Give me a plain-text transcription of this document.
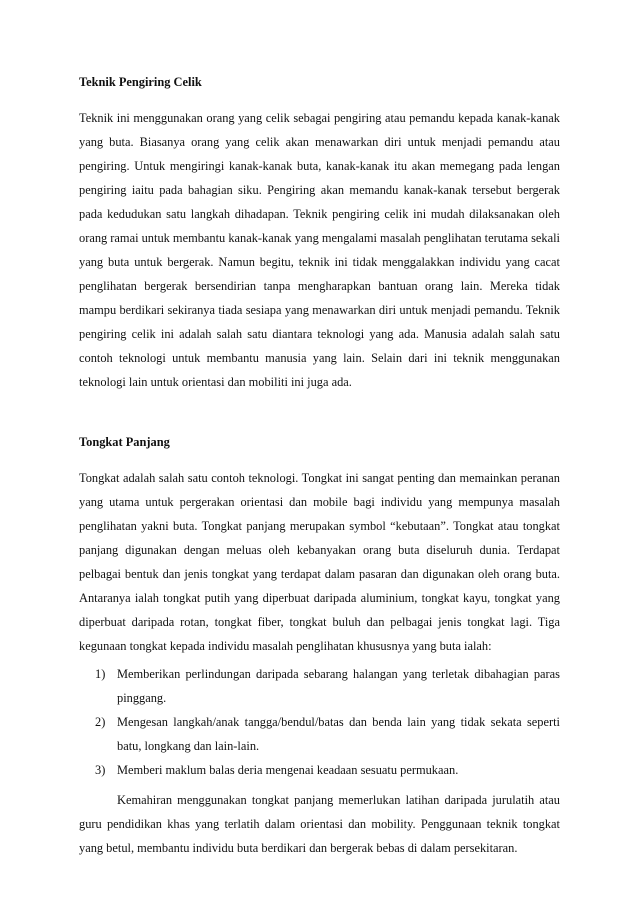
Teknik Pengiring Celik

Teknik ini menggunakan orang yang celik sebagai pengiring atau pemandu kepada kanak-kanak yang buta. Biasanya orang yang celik akan menawarkan diri untuk menjadi pemandu atau pengiring. Untuk mengiringi kanak-kanak buta, kanak-kanak itu akan memegang pada lengan pengiring iaitu pada bahagian siku. Pengiring akan memandu kanak-kanak tersebut bergerak pada kedudukan satu langkah dihadapan. Teknik pengiring celik ini mudah dilaksanakan oleh orang ramai untuk membantu kanak-kanak yang mengalami masalah penglihatan terutama sekali yang buta untuk bergerak. Namun begitu, teknik ini tidak menggalakkan individu yang cacat penglihatan bergerak bersendirian tanpa mengharapkan bantuan orang lain. Mereka tidak mampu berdikari sekiranya tiada sesiapa yang menawarkan diri untuk menjadi pemandu. Teknik pengiring celik ini adalah salah satu diantara teknologi yang ada. Manusia adalah salah satu contoh teknologi untuk membantu manusia yang lain. Selain dari ini teknik menggunakan teknologi lain untuk orientasi dan mobiliti ini juga ada.

Tongkat Panjang

Tongkat adalah salah satu contoh teknologi. Tongkat ini sangat penting dan memainkan peranan yang utama untuk pergerakan orientasi dan mobile bagi individu yang mempunya masalah penglihatan yakni buta. Tongkat panjang merupakan symbol “kebutaan”. Tongkat atau tongkat panjang digunakan dengan meluas oleh kebanyakan orang buta diseluruh dunia. Terdapat pelbagai bentuk dan jenis tongkat yang terdapat dalam pasaran dan digunakan oleh orang buta. Antaranya ialah tongkat putih yang diperbuat daripada aluminium, tongkat kayu, tongkat yang diperbuat daripada rotan, tongkat fiber, tongkat buluh dan pelbagai jenis tongkat lagi. Tiga kegunaan tongkat kepada individu masalah penglihatan khususnya yang buta ialah:

1) Memberikan perlindungan daripada sebarang halangan yang terletak dibahagian paras pinggang.
2) Mengesan langkah/anak tangga/bendul/batas dan benda lain yang tidak sekata seperti batu, longkang dan lain-lain.
3) Memberi maklum balas deria mengenai keadaan sesuatu permukaan.

Kemahiran menggunakan tongkat panjang memerlukan latihan daripada jurulatih atau guru pendidikan khas yang terlatih dalam orientasi dan mobility. Penggunaan teknik tongkat yang betul, membantu individu buta berdikari dan bergerak bebas di dalam persekitaran.
